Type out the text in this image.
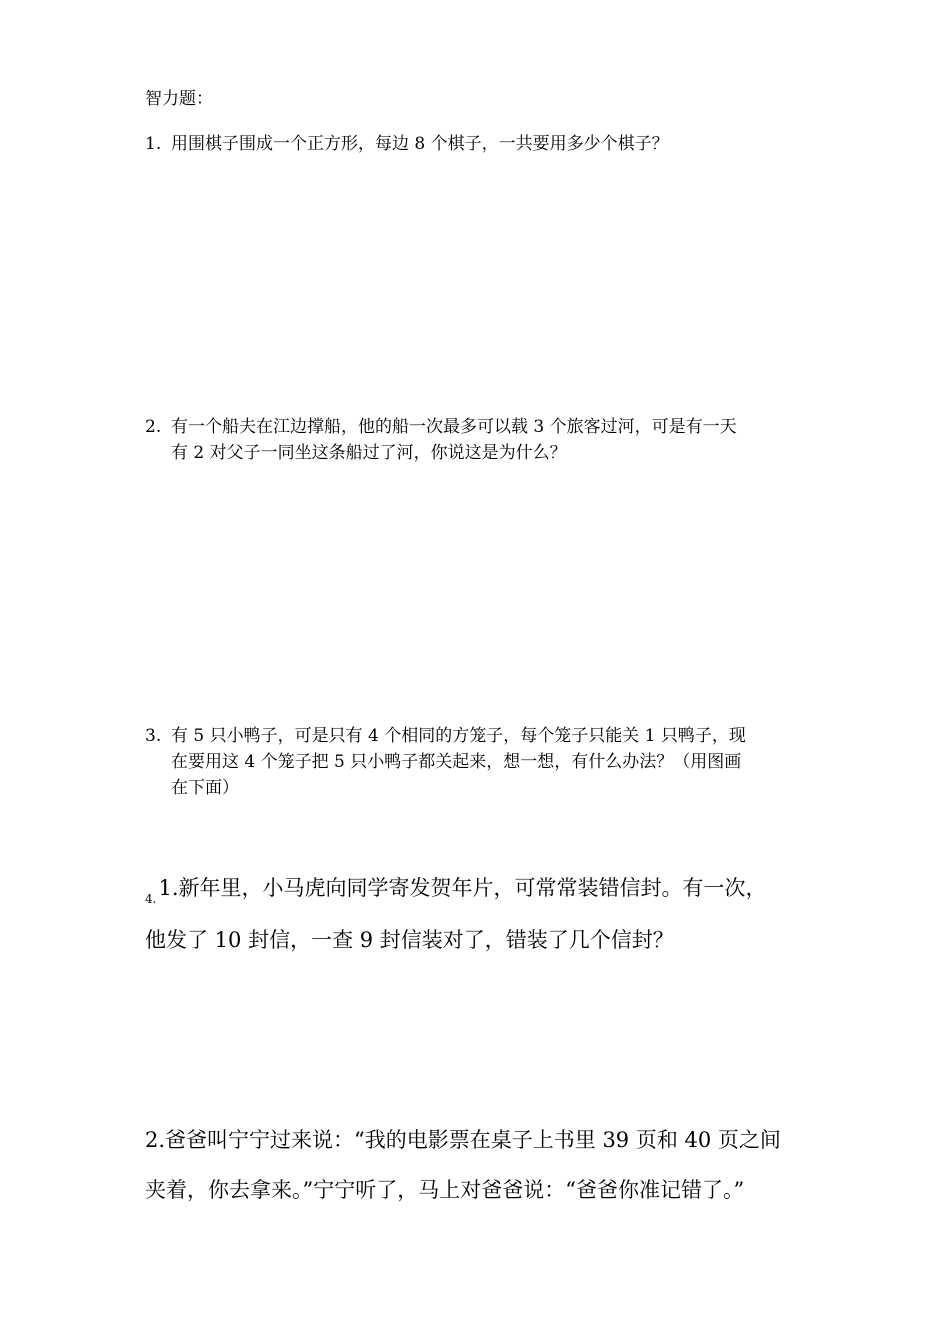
智力题：
1. 用围棋子围成一个正方形，每边 8 个棋子，一共要用多少个棋子？
2. 有一个船夫在江边撑船，他的船一次最多可以载 3 个旅客过河，可是有一天
有 2 对父子一同坐这条船过了河，你说这是为什么？
3. 有 5 只小鸭子，可是只有 4 个相同的方笼子，每个笼子只能关 1 只鸭子，现
在要用这 4 个笼子把 5 只小鸭子都关起来，想一想，有什么办法？（用图画
在下面）
$_{4.}$1.新年里，小马虎向同学寄发贺年片，可常常装错信封。有一次，
他发了 10 封信，一查 9 封信装对了，错装了几个信封？
2.爸爸叫宁宁过来说：“我的电影票在桌子上书里 39 页和 40 页之间
夹着，你去拿来。”宁宁听了，马上对爸爸说：“爸爸你准记错了。”
